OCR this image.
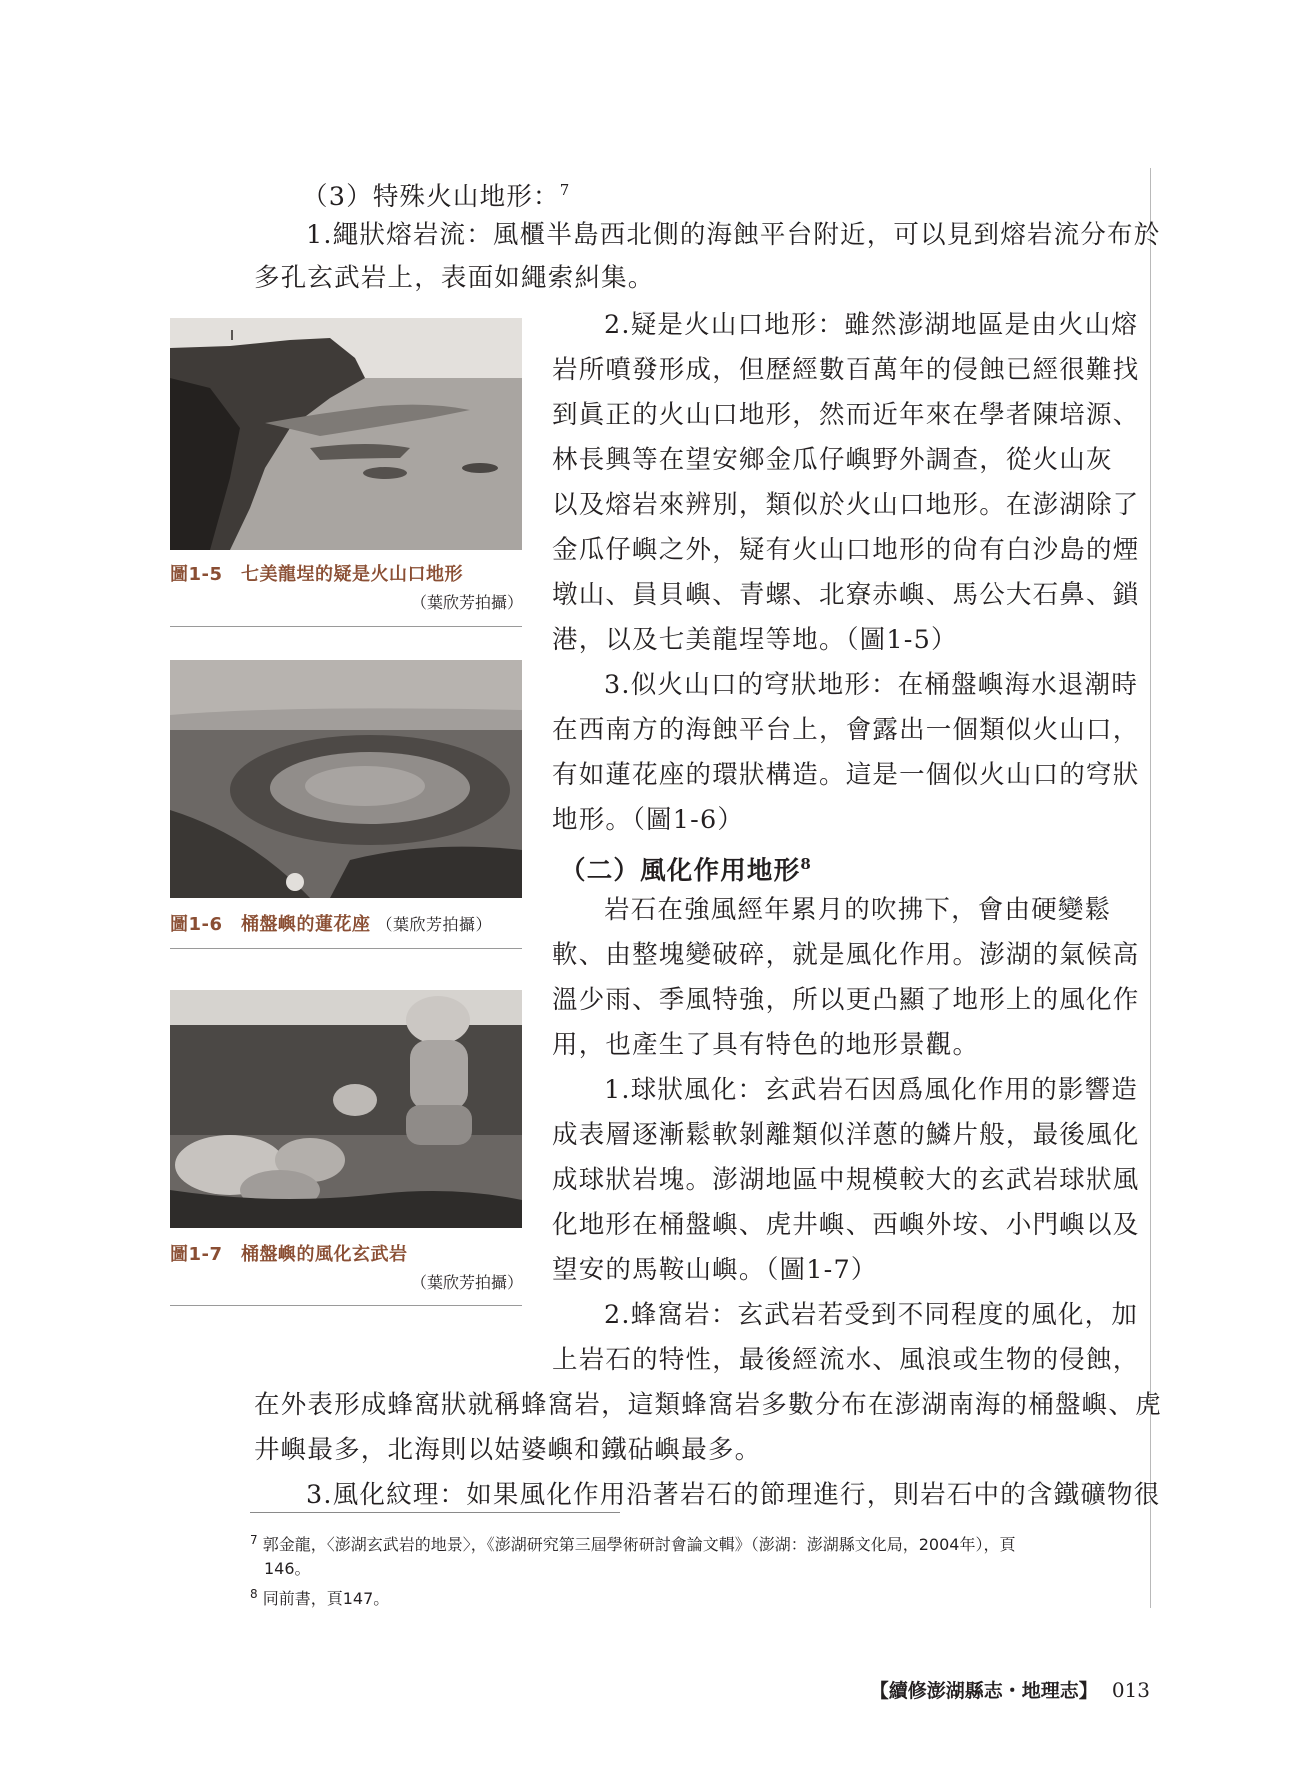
（3）特殊火山地形：$^7$
1.繩狀熔岩流：風櫃半島西北側的海蝕平台附近，可以見到熔岩流分布於
多孔玄武岩上，表面如繩索糾集。
2.疑是火山口地形：雖然澎湖地區是由火山熔
岩所噴發形成，但歷經數百萬年的侵蝕已經很難找
到眞正的火山口地形，然而近年來在學者陳培源、
林長興等在望安鄉金瓜仔嶼野外調查，從火山灰
以及熔岩來辨別，類似於火山口地形。在澎湖除了
金瓜仔嶼之外，疑有火山口地形的尙有白沙島的煙
墩山、員貝嶼、青螺、北寮赤嶼、馬公大石鼻、鎖
港，以及七美龍埕等地。（圖1-5）
3.似火山口的穹狀地形：在桶盤嶼海水退潮時
在西南方的海蝕平台上，會露出一個類似火山口，
有如蓮花座的環狀構造。這是一個似火山口的穹狀
地形。（圖1-6）
（二）風化作用地形$^8$
岩石在強風經年累月的吹拂下，會由硬變鬆
軟、由整塊變破碎，就是風化作用。澎湖的氣候高
溫少雨、季風特強，所以更凸顯了地形上的風化作
用，也產生了具有特色的地形景觀。
1.球狀風化：玄武岩石因爲風化作用的影響造
成表層逐漸鬆軟剝離類似洋蔥的鱗片般，最後風化
成球狀岩塊。澎湖地區中規模較大的玄武岩球狀風
化地形在桶盤嶼、虎井嶼、西嶼外垵、小門嶼以及
望安的馬鞍山嶼。（圖1-7）
2.蜂窩岩：玄武岩若受到不同程度的風化，加
上岩石的特性，最後經流水、風浪或生物的侵蝕，
在外表形成蜂窩狀就稱蜂窩岩，這類蜂窩岩多數分布在澎湖南海的桶盤嶼、虎
井嶼最多，北海則以姑婆嶼和鐵砧嶼最多。
3.風化紋理：如果風化作用沿著岩石的節理進行，則岩石中的含鐵礦物很
圖1-5　七美龍埕的疑是火山口地形
（葉欣芳拍攝）
圖1-6　桶盤嶼的蓮花座 （葉欣芳拍攝）
圖1-7　桶盤嶼的風化玄武岩
（葉欣芳拍攝）
$^7$ 郭金龍，〈澎湖玄武岩的地景〉，《澎湖研究第三屆學術研討會論文輯》（澎湖：澎湖縣文化局，2004年），頁
146。
$^8$ 同前書，頁147。
【續修澎湖縣志・地理志】 013
